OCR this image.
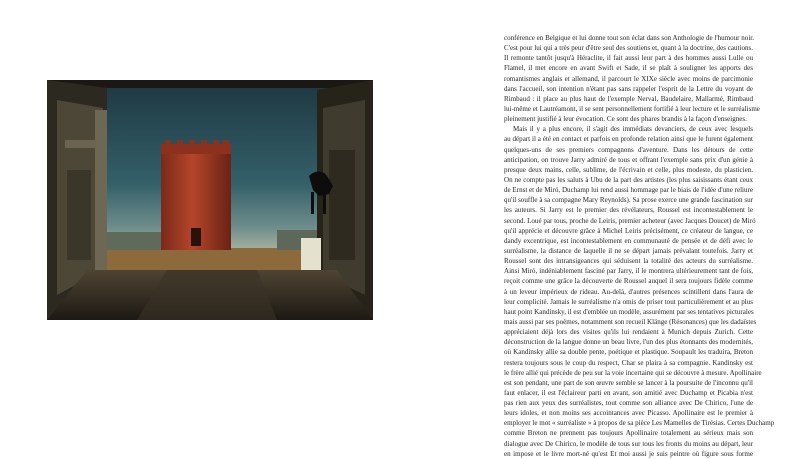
conférence en Belgique et lui donne tout son éclat dans son Anthologie de l'humour noir.
C'est pour lui qui a très peur d'être seul des soutiens et, quant à la doctrine, des cautions.
Il remonte tantôt jusqu'à Héraclite, il fait aussi leur part à des hommes aussi Lulle ou
Flamel, il met encore en avant Swift et Sade, il se plaît à souligner les apports des
romantismes anglais et allemand, il parcourt le XIXe siècle avec moins de parcimonie
dans l'accueil, son intention n'étant pas sans rappeler l'esprit de la Lettre du voyant de
Rimbaud : il place au plus haut de l'exemple Nerval, Baudelaire, Mallarmé, Rimbaud
lui-même et Lautréamont, il se sent personnellement fortifié à leur lecture et le surréalisme
pleinement justifié à leur évocation. Ce sont des phares brandis à la façon d'enseignes.

Mais il y a plus encore, il s'agit des immédiats devanciers, de ceux avec lesquels
au départ il a été en contact et parfois en profonde relation ainsi que le furent également
quelques-uns de ses premiers compagnons d'aventure. Dans les détours de cette
anticipation, on trouve Jarry admiré de tous et offrant l'exemple sans prix d'un génie à
presque deux mains, celle, sublime, de l'écrivain et celle, plus modeste, du plasticien.
On ne compte pas les saluts à Ubu de la part des artistes (les plus saisissants étant ceux
de Ernst et de Miró, Duchamp lui rend aussi hommage par le biais de l'idée d'une reliure
qu'il souffle à sa compagne Mary Reynolds). Sa prose exerce une grande fascination sur
les auteurs. Si Jarry est le premier des révélateurs, Roussel est incontestablement le
second. Loué par tous, proche de Leiris, premier acheteur (avec Jacques Doucet) de Miró
qu'il apprécie et découvre grâce à Michel Leiris précisément, ce créateur de langue, ce
dandy excentrique, est incontestablement en communauté de pensée et de défi avec le
surréalisme, la distance de laquelle il ne se départ jamais prévalant toutefois. Jarry et
Roussel sont des intransigeances qui séduisent la totalité des acteurs du surréalisme.
Ainsi Miró, indéniablement fasciné par Jarry, il le montrera ultérieurement tant de fois,
reçoit comme une grâce la découverte de Roussel auquel il sera toujours fidèle comme
à un leveur impérieux de rideau. Au-delà, d'autres présences scintillent dans l'aura de
leur complicité. Jamais le surréalisme n'a omis de priser tout particulièrement et au plus
haut point Kandinsky, il est d'emblée un modèle, assurément par ses tentatives picturales
mais aussi par ses poèmes, notamment son recueil Klänge (Résonances) que les dadaïstes
appréciaient déjà lors des visites qu'ils lui rendaient à Munich depuis Zurich. Cette
déconstruction de la langue donne un beau livre, l'un des plus étonnants des modernités,
où Kandinsky allie sa double pente, poétique et plastique. Soupault les traduira, Breton
restera toujours sous le coup du respect, Char se plaira à sa compagnie. Kandinsky est
le frère allié qui précède de peu sur la voie incertaine qui se découvre à mesure. Apollinaire
est son pendant, une part de son œuvre semble se lancer à la poursuite de l'inconnu qu'il
faut enlacer, il est l'éclaireur parti en avant, son amitié avec Duchamp et Picabia n'est
pas rien aux yeux des surréalistes, tout comme son alliance avec De Chirico, l'une de
leurs idoles, et non moins ses accointances avec Picasso. Apollinaire est le premier à
employer le mot « surréaliste » à propos de sa pièce Les Mamelles de Tirésias. Certes Duchamp
comme Breton ne prennent pas toujours Apollinaire totalement au sérieux mais son
dialogue avec De Chirico, le modèle de tous sur tous les fronts du moins au départ, leur
en impose et le livre mort-né qu'est Et moi aussi je suis peintre où figure sous forme
